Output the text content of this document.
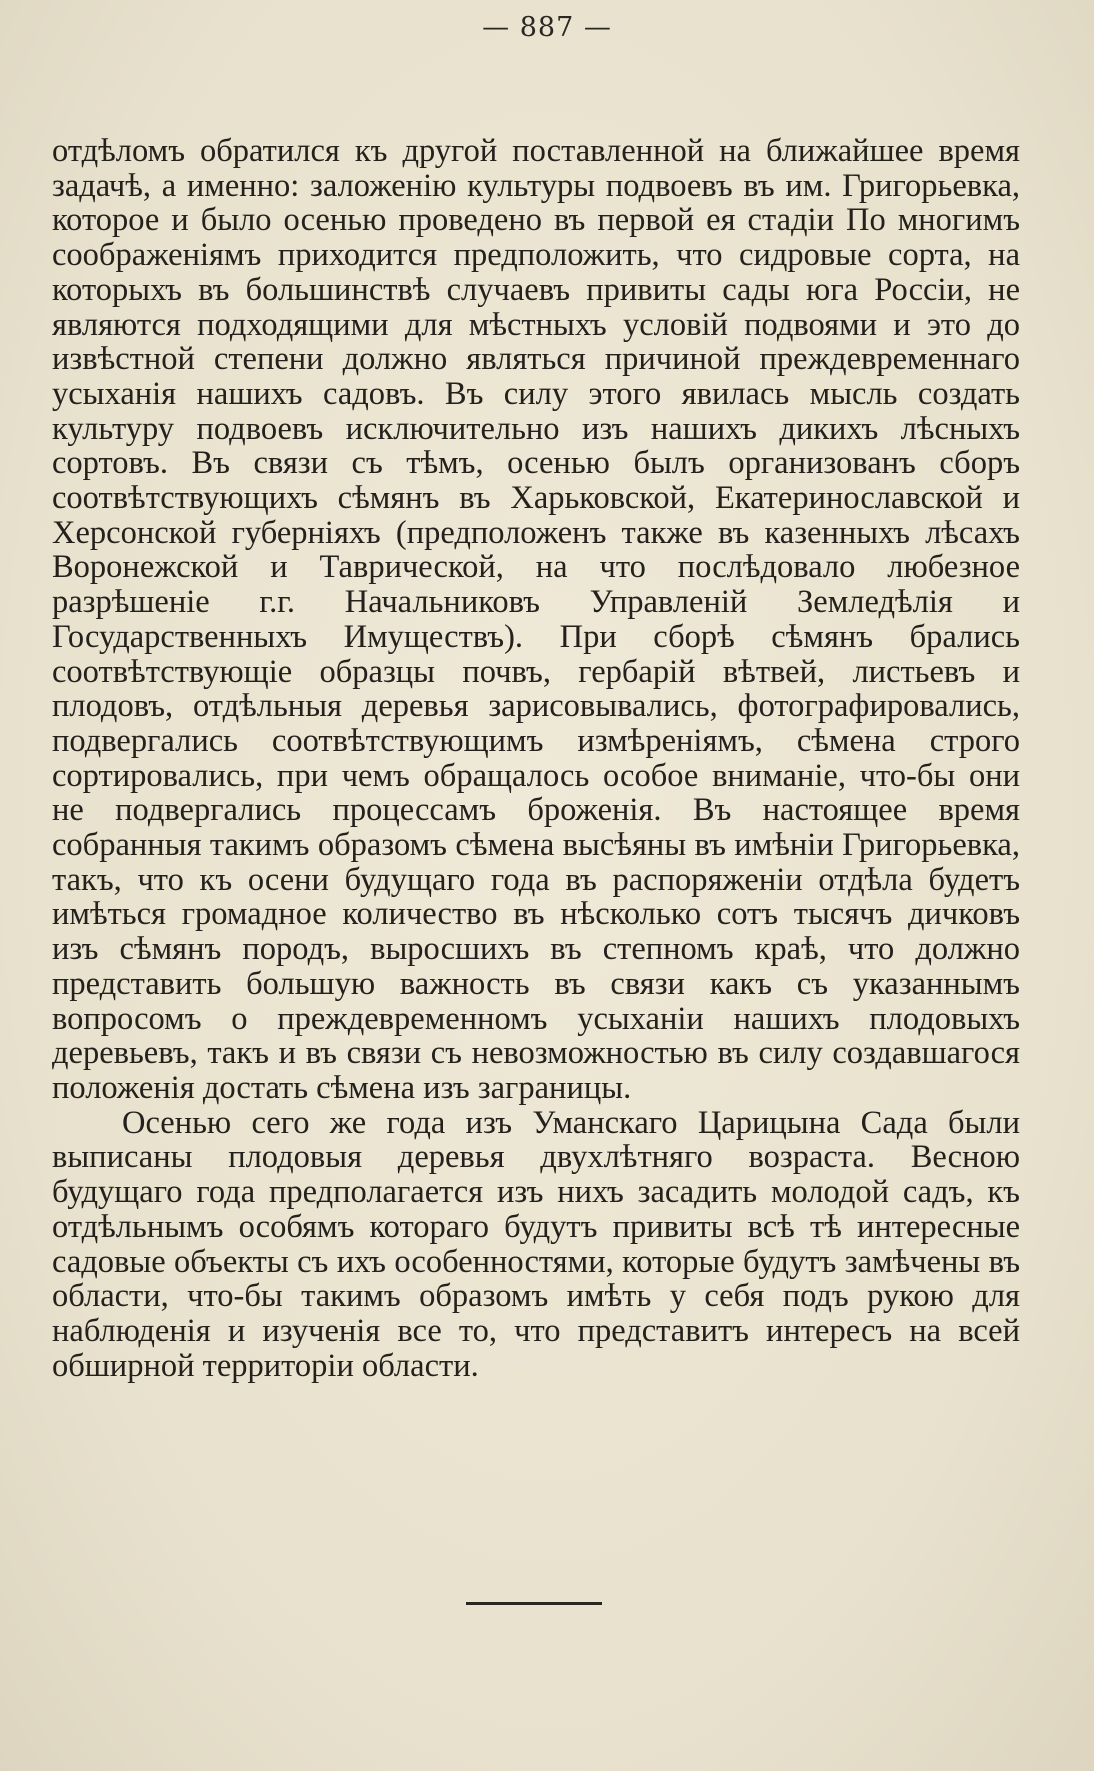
— 887 —

отдѣломъ обратился къ другой поставленной на ближайшее время задачѣ, а именно: заложенію культуры подвоевъ въ им. Григорьевка, которое и было осенью проведено въ первой ея стадіи По многимъ соображеніямъ приходится предположить, что сидровые сорта, на которыхъ въ большинствѣ случаевъ привиты сады юга Россіи, не являются подходящими для мѣстныхъ условій подвоями и это до извѣстной степени должно являться причиной преждевременнаго усыханія нашихъ садовъ. Въ силу этого явилась мысль создать культуру подвоевъ исключительно изъ нашихъ дикихъ лѣсныхъ сортовъ. Въ связи съ тѣмъ, осенью былъ организованъ сборъ соотвѣтствующихъ сѣмянъ въ Харьковской, Екатеринославской и Херсонской губерніяхъ (предположенъ также въ казенныхъ лѣсахъ Воронежской и Таврической, на что послѣдовало любезное разрѣшеніе г.г. Начальниковъ Управленій Земледѣлія и Государственныхъ Имуществъ). При сборѣ сѣмянъ брались соотвѣтствующіе образцы почвъ, гербарій вѣтвей, листьевъ и плодовъ, отдѣльныя деревья зарисовывались, фотографировались, подвергались соотвѣтствующимъ измѣреніямъ, сѣмена строго сортировались, при чемъ обращалось особое вниманіе, что-бы они не подвергались процессамъ броженія. Въ настоящее время собранныя такимъ образомъ сѣмена высѣяны въ имѣніи Григорьевка, такъ, что къ осени будущаго года въ распоряженіи отдѣла будетъ имѣться громадное количество въ нѣсколько сотъ тысячъ дичковъ изъ сѣмянъ породъ, выросшихъ въ степномъ краѣ, что должно представить большую важность въ связи какъ съ указаннымъ вопросомъ о преждевременномъ усыханіи нашихъ плодовыхъ деревьевъ, такъ и въ связи съ невозможностью въ силу создавшагося положенія достать сѣмена изъ заграницы.

Осенью сего же года изъ Уманскаго Царицына Сада были выписаны плодовыя деревья двухлѣтняго возраста. Весною будущаго года предполагается изъ нихъ засадить молодой садъ, къ отдѣльнымъ особямъ котораго будутъ привиты всѣ тѣ интересные садовые объекты съ ихъ особенностями, которые будутъ замѣчены въ области, что-бы такимъ образомъ имѣть у себя подъ рукою для наблюденія и изученія все то, что представитъ интересъ на всей обширной территоріи области.
